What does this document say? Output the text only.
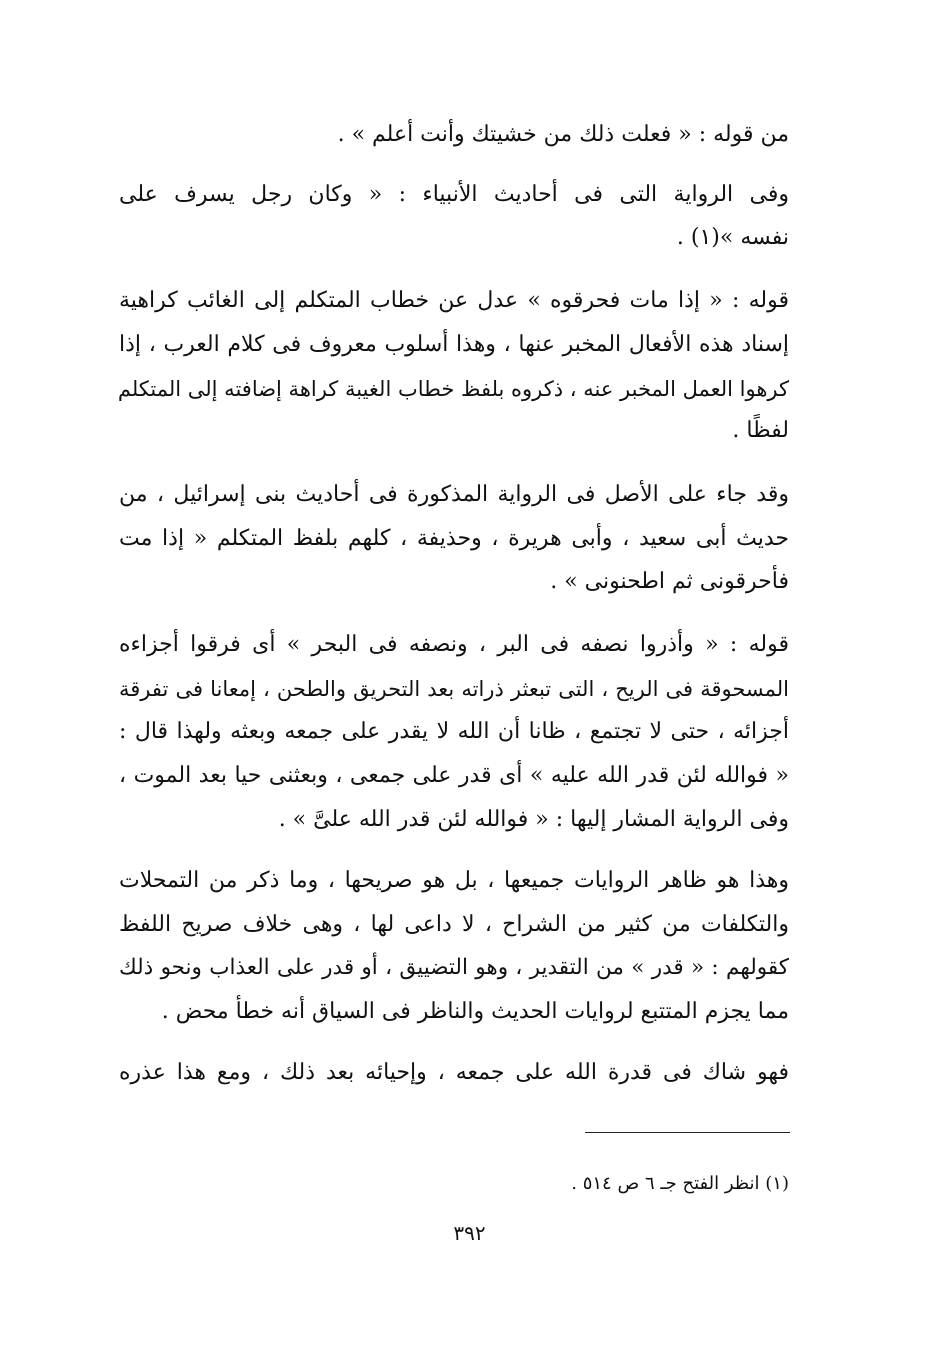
من قوله : « فعلت ذلك من خشيتك وأنت أعلم » .
وفى الرواية التى فى أحاديث الأنبياء : « وكان رجل يسرف على
نفسه »(١) .
قوله : « إذا مات فحرقوه » عدل عن خطاب المتكلم إلى الغائب كراهية
إسناد هذه الأفعال المخبر عنها ، وهذا أسلوب معروف فى كلام العرب ، إذا
كرهوا العمل المخبر عنه ، ذكروه بلفظ خطاب الغيبة كراهة إضافته إلى المتكلم
لفظًا .
وقد جاء على الأصل فى الرواية المذكورة فى أحاديث بنى إسرائيل ، من
حديث أبى سعيد ، وأبى هريرة ، وحذيفة ، كلهم بلفظ المتكلم « إذا مت
فأحرقونى ثم اطحنونى » .
قوله : « وأذروا نصفه فى البر ، ونصفه فى البحر » أى فرقوا أجزاءه
المسحوقة فى الريح ، التى تبعثر ذراته بعد التحريق والطحن ، إمعانا فى تفرقة
أجزائه ، حتى لا تجتمع ، ظانا أن الله لا يقدر على جمعه وبعثه ولهذا قال :
« فوالله لئن قدر الله عليه » أى قدر على جمعى ، وبعثنى حيا بعد الموت ،
وفى الرواية المشار إليها : « فوالله لئن قدر الله علىَّ » .
وهذا هو ظاهر الروايات جميعها ، بل هو صريحها ، وما ذكر من التمحلات
والتكلفات من كثير من الشراح ، لا داعى لها ، وهى خلاف صريح اللفظ
كقولهم : « قدر » من التقدير ، وهو التضييق ، أو قدر على العذاب ونحو ذلك
مما يجزم المتتبع لروايات الحديث والناظر فى السياق أنه خطأ محض .
فهو شاك فى قدرة الله على جمعه ، وإحيائه بعد ذلك ، ومع هذا عذره
(١) انظر الفتح جـ ٦ ص ٥١٤ .
٣٩٢
